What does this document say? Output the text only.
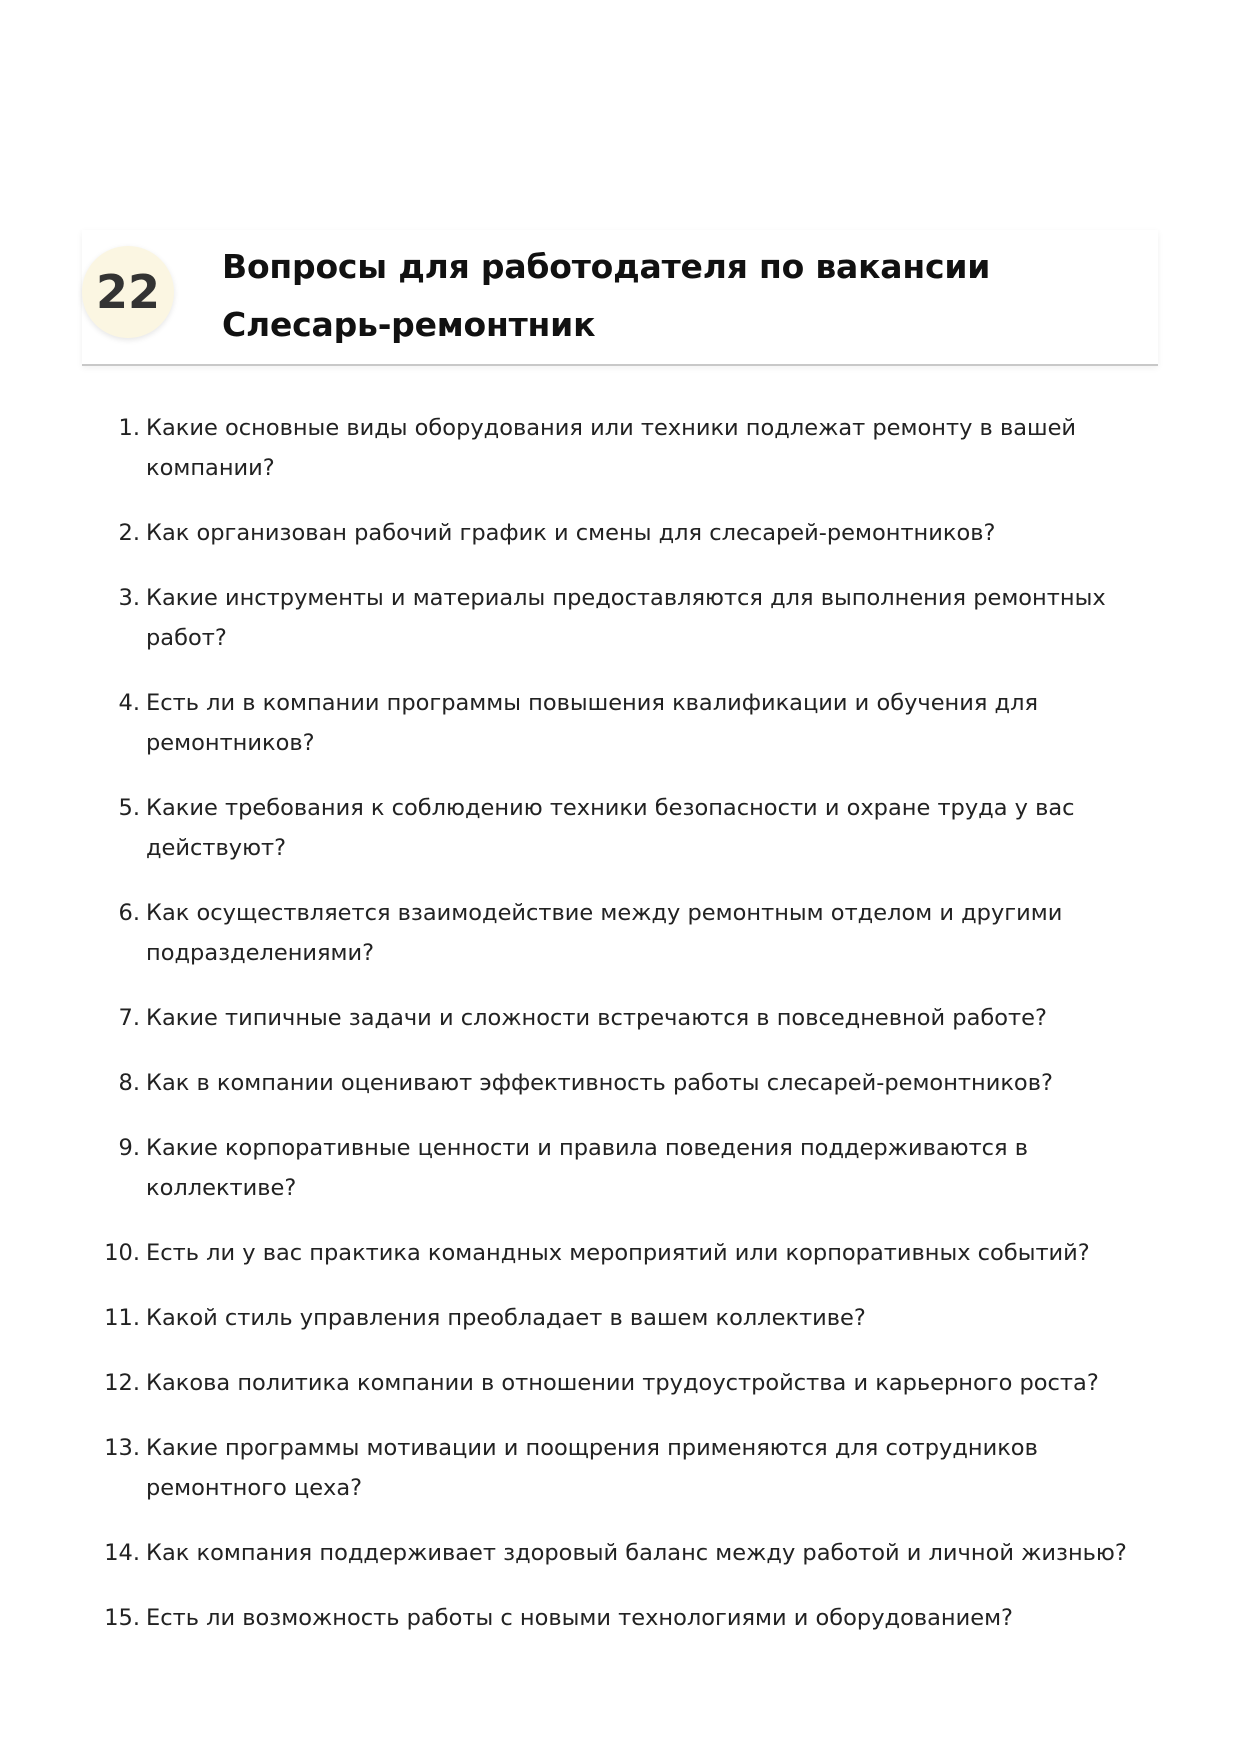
22	Вопросы для работодателя по вакансии Слесарь-ремонтник
1. Какие основные виды оборудования или техники подлежат ремонту в вашей компании?
2. Как организован рабочий график и смены для слесарей-ремонтников?
3. Какие инструменты и материалы предоставляются для выполнения ремонтных работ?
4. Есть ли в компании программы повышения квалификации и обучения для ремонтников?
5. Какие требования к соблюдению техники безопасности и охране труда у вас действуют?
6. Как осуществляется взаимодействие между ремонтным отделом и другими подразделениями?
7. Какие типичные задачи и сложности встречаются в повседневной работе?
8. Как в компании оценивают эффективность работы слесарей-ремонтников?
9. Какие корпоративные ценности и правила поведения поддерживаются в коллективе?
10. Есть ли у вас практика командных мероприятий или корпоративных событий?
11. Какой стиль управления преобладает в вашем коллективе?
12. Какова политика компании в отношении трудоустройства и карьерного роста?
13. Какие программы мотивации и поощрения применяются для сотрудников ремонтного цеха?
14. Как компания поддерживает здоровый баланс между работой и личной жизнью?
15. Есть ли возможность работы с новыми технологиями и оборудованием?
